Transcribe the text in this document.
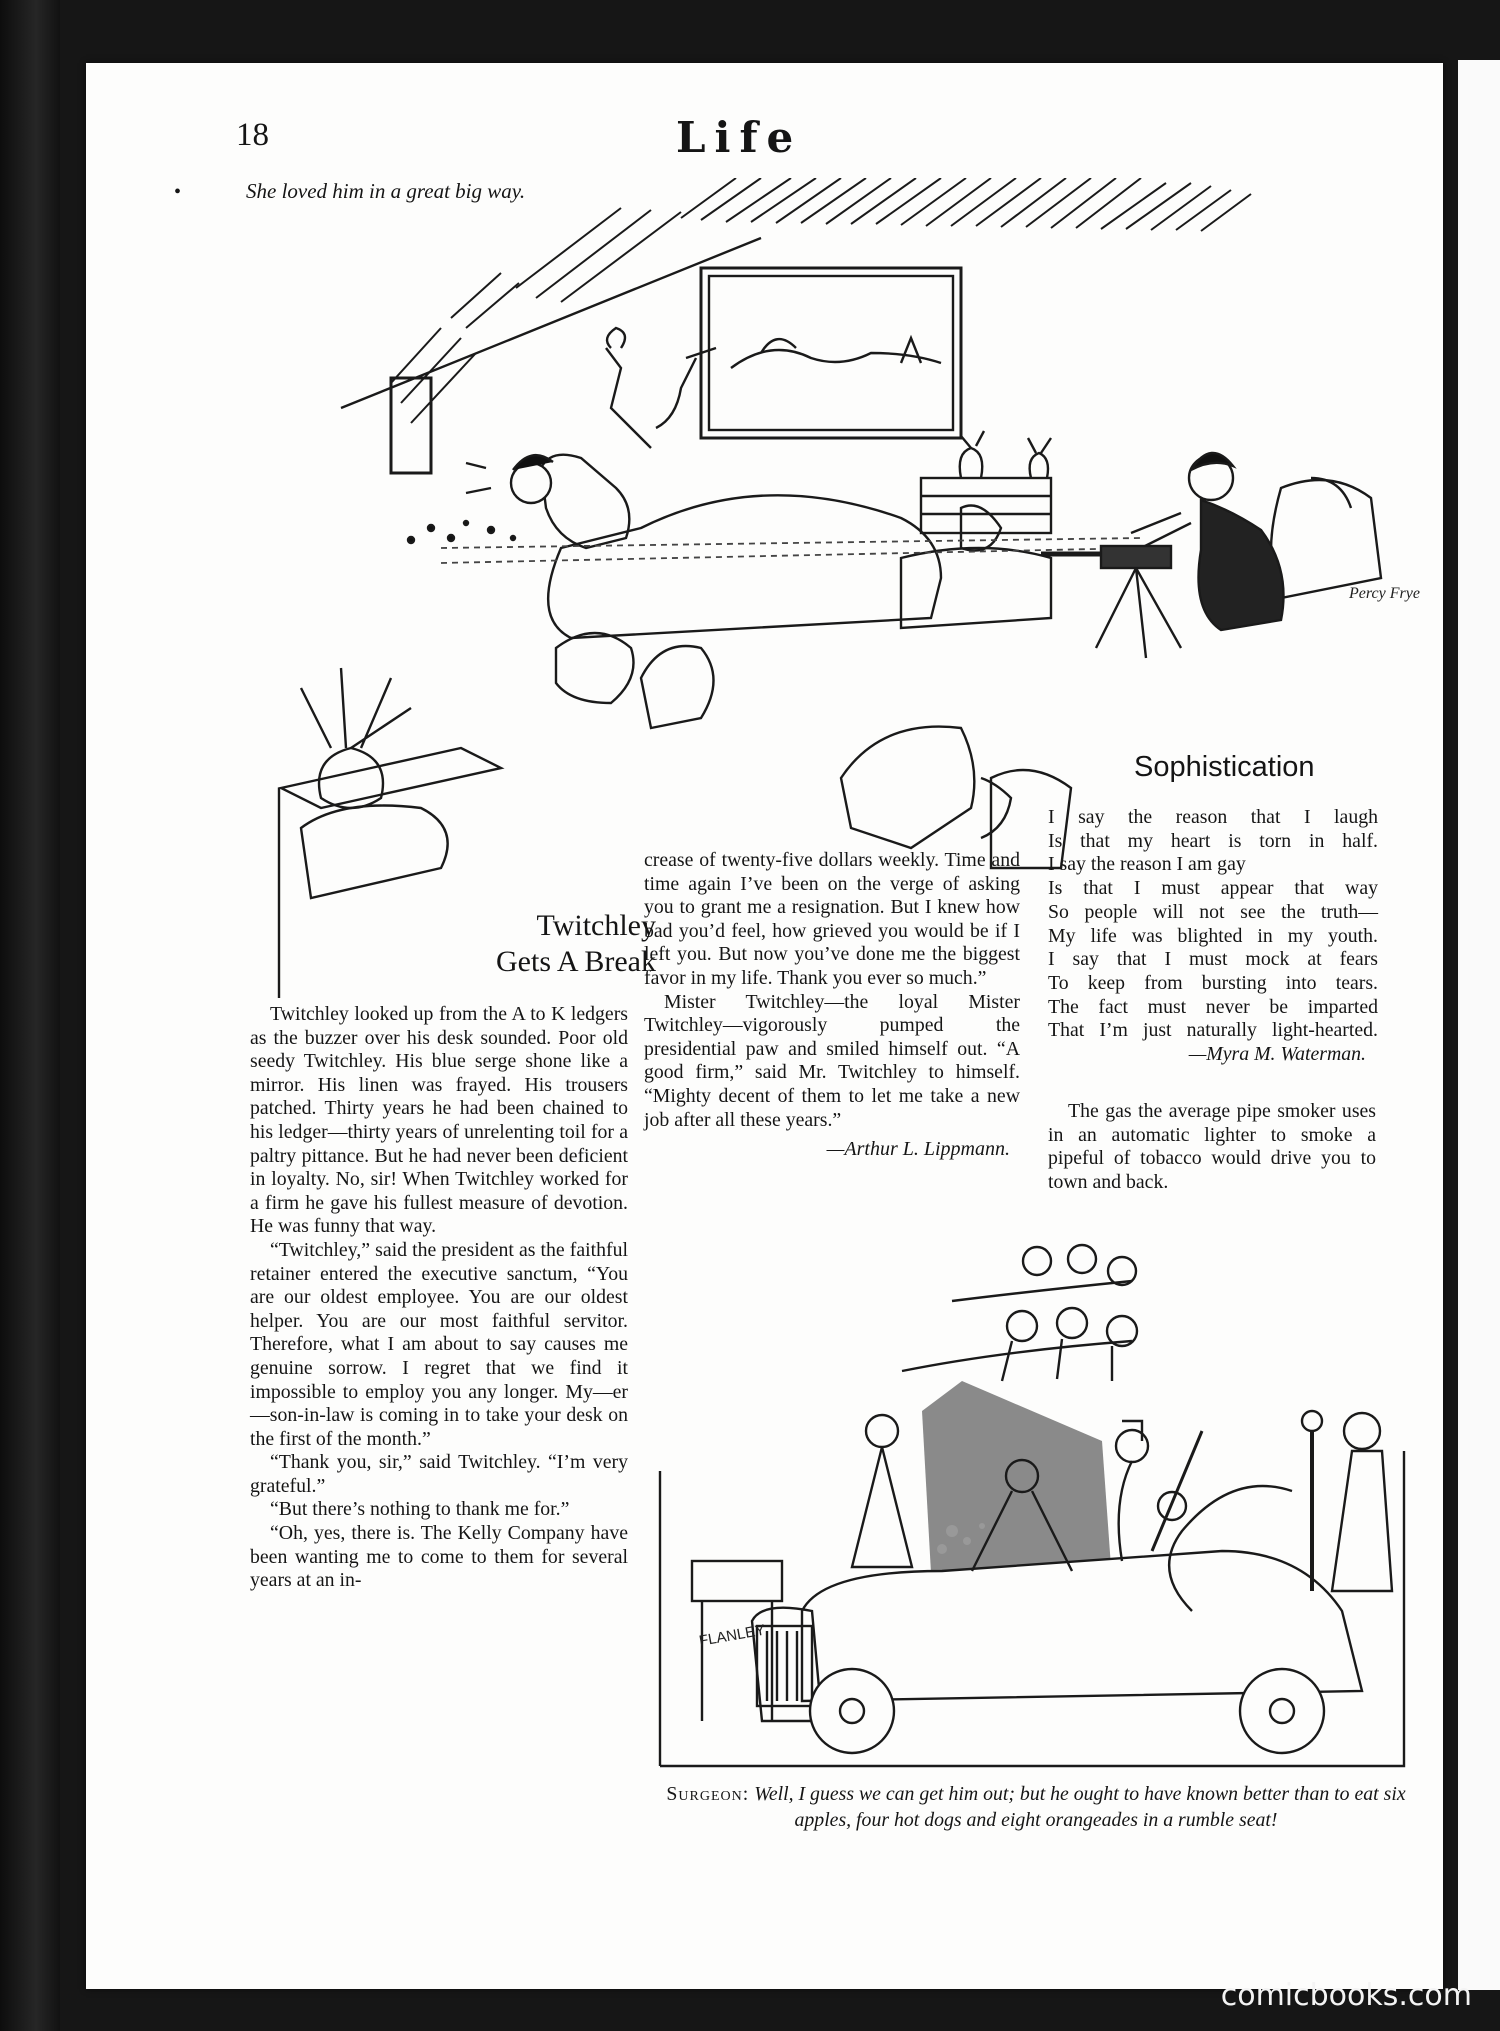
18	Life
•	She loved him in a great big way.
Percy Frye
Twitchley
Gets A Break

Twitchley looked up from the A to K ledgers as the buzzer over his desk sounded. Poor old seedy Twitchley. His blue serge shone like a mirror. His linen was frayed. His trousers patched. Thirty years he had been chained to his ledger—thirty years of unrelenting toil for a paltry pittance. But he had never been deficient in loyalty. No, sir! When Twitchley worked for a firm he gave his fullest measure of devotion. He was funny that way.

“Twitchley,” said the president as the faithful retainer entered the executive sanctum, “You are our oldest employee. You are our oldest helper. You are our most faithful servitor. Therefore, what I am about to say causes me genuine sorrow. I regret that we find it impossible to employ you any longer. My—er—son-in-law is coming in to take your desk on the first of the month.”

“Thank you, sir,” said Twitchley. “I’m very grateful.”

“But there’s nothing to thank me for.”

“Oh, yes, there is. The Kelly Company have been wanting me to come to them for several years at an in-

crease of twenty-five dollars weekly. Time and time again I’ve been on the verge of asking you to grant me a resignation. But I knew how bad you’d feel, how grieved you would be if I left you. But now you’ve done me the biggest favor in my life. Thank you ever so much.”

Mister Twitchley—the loyal Mister Twitchley—vigorously pumped the presidential paw and smiled himself out. “A good firm,” said Mr. Twitchley to himself. “Mighty decent of them to let me take a new job after all these years.”

—Arthur L. Lippmann.
Sophistication
I say the reason that I laugh
Is that my heart is torn in half.
I say the reason I am gay
Is that I must appear that way
So people will not see the truth—
My life was blighted in my youth.
I say that I must mock at fears
To keep from bursting into tears.
The fact must never be imparted
That I’m just naturally light-hearted.
—Myra M. Waterman.

The gas the average pipe smoker uses in an automatic lighter to smoke a pipeful of tobacco would drive you to town and back.

FLANLEY
Surgeon: Well, I guess we can get him out; but he ought to have known better than to eat six apples, four hot dogs and eight orangeades in a rumble seat!
comicbooks.com
